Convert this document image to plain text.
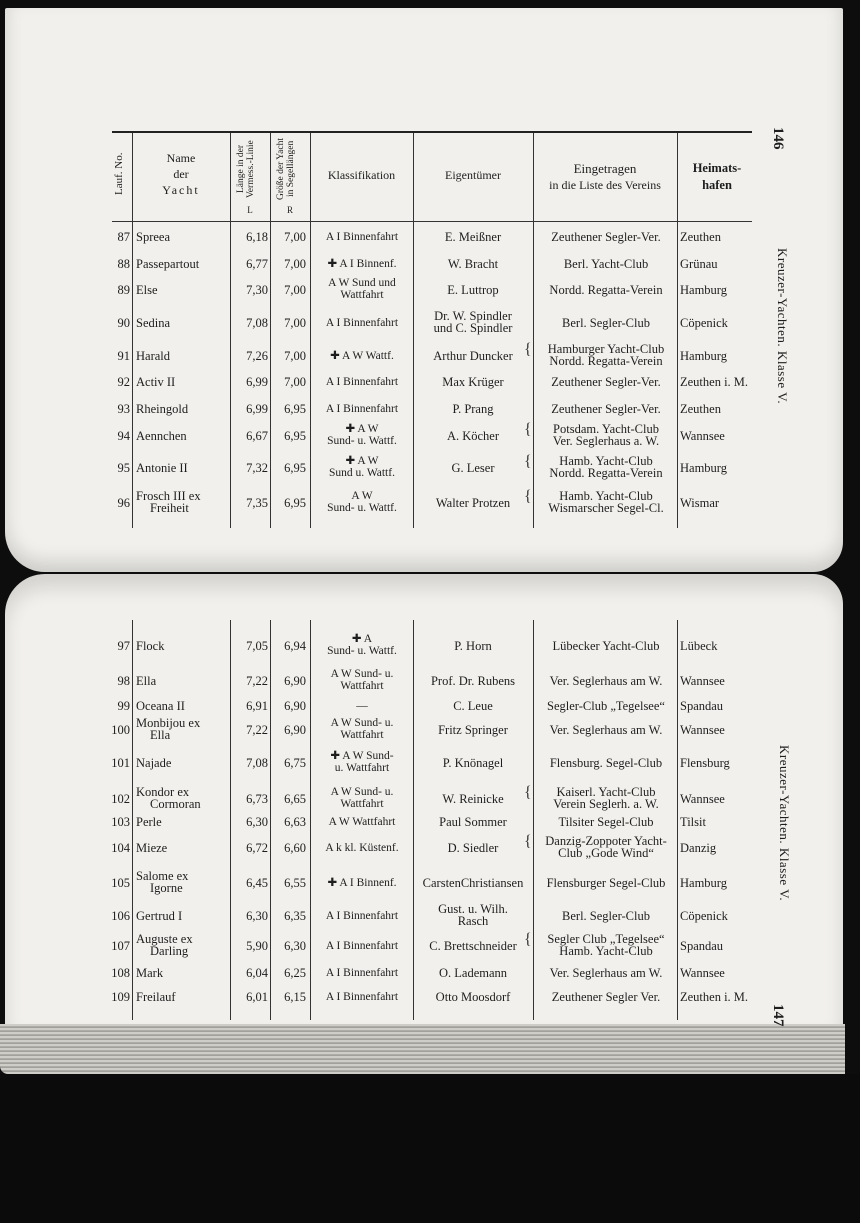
Lauf. No.	Name
der
Yacht	Länge in der Vermess.-Linie
L
Größe der Yacht in Segellängen
R
Klassifikation	Eigentümer	Eingetragen
in die Liste des Vereins
Heimats-
hafen
87 Spreea	6,18	7,00	A I Binnenfahrt	E. Meißner	Zeuthener Segler-Ver.	Zeuthen
88 Passepartout	6,77	7,00	✚ A I Binnenf.	W. Bracht	Berl. Yacht-Club	Grünau
89 Else	7,30	7,00	A W Sund und
Wattfahrt	E. Luttrop	Nordd. Regatta-Verein	Hamburg
90 Sedina	7,08	7,00	A I Binnenfahrt	Dr. W. Spindler
und C. Spindler	Berl. Segler-Club	Cöpenick
91 Harald	7,26	7,00	✚ A W Wattf.	Arthur Duncker	Hamburger Yacht-Club
Nordd. Regatta-Verein	Hamburg
{
92 Activ II	6,99	7,00	A I Binnenfahrt	Max Krüger	Zeuthener Segler-Ver.	Zeuthen i. M.
93 Rheingold	6,99	6,95	A I Binnenfahrt	P. Prang	Zeuthener Segler-Ver.	Zeuthen
94 Aennchen	6,67	6,95	✚ A W
Sund- u. Wattf.	A. Köcher	Potsdam. Yacht-Club
Ver. Seglerhaus a. W.	Wannsee
{
95 Antonie II	7,32	6,95	✚ A W
Sund u. Wattf.	G. Leser	Hamb. Yacht-Club
Nordd. Regatta-Verein	Hamburg
{
96 Frosch III ex
Freiheit	7,35	6,95	A W
Sund- u. Wattf.	Walter Protzen	Hamb. Yacht-Club
Wismarscher Segel-Cl.	Wismar
{
97 Flock	7,05	6,94	✚ A
Sund- u. Wattf.	P. Horn	Lübecker Yacht-Club	Lübeck
98 Ella	7,22	6,90	A W Sund- u.
Wattfahrt	Prof. Dr. Rubens	Ver. Seglerhaus am W.	Wannsee
99 Oceana II	6,91	6,90	—	C. Leue	Segler-Club „Tegelsee“	Spandau
100 Monbijou ex
Ella	7,22	6,90	A W Sund- u.
Wattfahrt	Fritz Springer	Ver. Seglerhaus am W.	Wannsee
101 Najade	7,08	6,75	✚ A W Sund-
u. Wattfahrt	P. Knönagel	Flensburg. Segel-Club	Flensburg
102 Kondor ex
Cormoran	6,73	6,65	A W Sund- u.
Wattfahrt	W. Reinicke	Kaiserl. Yacht-Club
Verein Seglerh. a. W.	Wannsee
{
103 Perle	6,30	6,63	A W Wattfahrt	Paul Sommer	Tilsiter Segel-Club	Tilsit
104 Mieze	6,72	6,60	A k kl. Küstenf.	D. Siedler	Danzig-Zoppoter Yacht-
Club „Gode Wind“	Danzig
{
105 Salome ex
Igorne	6,45	6,55	✚ A I Binnenf.	CarstenChristiansen	Flensburger Segel-Club	Hamburg
106 Gertrud I	6,30	6,35	A I Binnenfahrt	Gust. u. Wilh.
Rasch	Berl. Segler-Club	Cöpenick
107 Auguste ex
Darling	5,90	6,30	A I Binnenfahrt	C. Brettschneider	Segler Club „Tegelsee“
Hamb. Yacht-Club	Spandau
{
108 Mark	6,04	6,25	A I Binnenfahrt	O. Lademann	Ver. Seglerhaus am W.	Wannsee
109 Freilauf	6,01	6,15	A I Binnenfahrt	Otto Moosdorf	Zeuthener Segler Ver.	Zeuthen i. M.
146
Kreuzer-Yachten. Klasse V.
Kreuzer-Yachten. Klasse V.
147
